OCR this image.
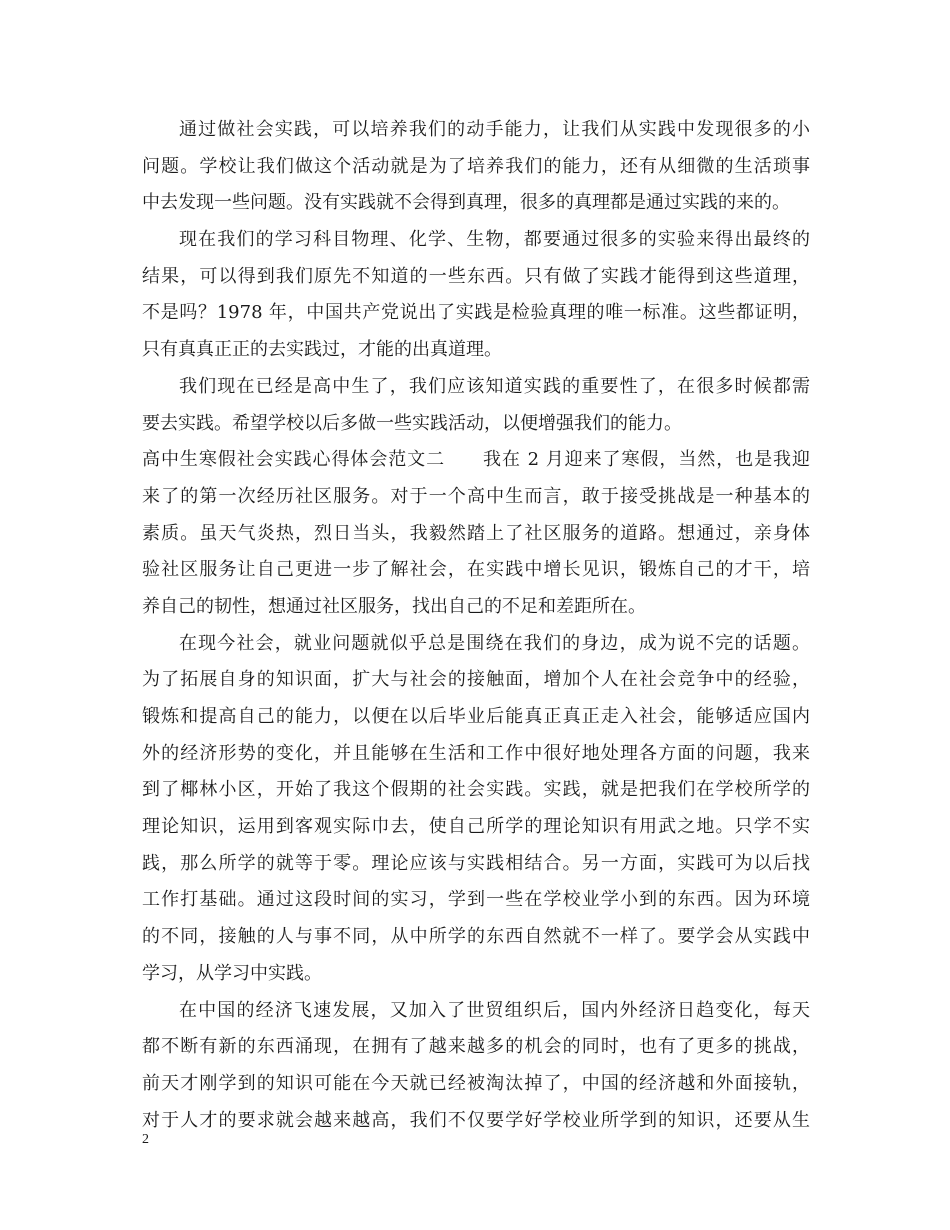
通过做社会实践，可以培养我们的动手能力，让我们从实践中发现很多的小
问题。学校让我们做这个活动就是为了培养我们的能力，还有从细微的生活琐事
中去发现一些问题。没有实践就不会得到真理，很多的真理都是通过实践的来的。
现在我们的学习科目物理、化学、生物，都要通过很多的实验来得出最终的
结果，可以得到我们原先不知道的一些东西。只有做了实践才能得到这些道理，
不是吗？1978 年，中国共产党说出了实践是检验真理的唯一标准。这些都证明，
只有真真正正的去实践过，才能的出真道理。
我们现在已经是高中生了，我们应该知道实践的重要性了，在很多时候都需
要去实践。希望学校以后多做一些实践活动，以便增强我们的能力。
高中生寒假社会实践心得体会范文二　　我在 2 月迎来了寒假，当然，也是我迎
来了的第一次经历社区服务。对于一个高中生而言，敢于接受挑战是一种基本的
素质。虽天气炎热，烈日当头，我毅然踏上了社区服务的道路。想通过，亲身体
验社区服务让自己更进一步了解社会，在实践中增长见识，锻炼自己的才干，培
养自己的韧性，想通过社区服务，找出自己的不足和差距所在。
在现今社会，就业问题就似乎总是围绕在我们的身边，成为说不完的话题。
为了拓展自身的知识面，扩大与社会的接触面，增加个人在社会竞争中的经验，
锻炼和提高自己的能力，以便在以后毕业后能真正真正走入社会，能够适应国内
外的经济形势的变化，并且能够在生活和工作中很好地处理各方面的问题，我来
到了椰林小区，开始了我这个假期的社会实践。实践，就是把我们在学校所学的
理论知识，运用到客观实际巾去，使自己所学的理论知识有用武之地。只学不实
践，那么所学的就等于零。理论应该与实践相结合。另一方面，实践可为以后找
工作打基础。通过这段时间的实习，学到一些在学校业学小到的东西。因为环境
的不同，接触的人与事不同，从中所学的东西自然就不一样了。要学会从实践中
学习，从学习中实践。
在中国的经济飞速发展，又加入了世贸组织后，国内外经济日趋变化，每天
都不断有新的东西涌现，在拥有了越来越多的机会的同时，也有了更多的挑战，
前天才刚学到的知识可能在今天就已经被淘汰掉了，中国的经济越和外面接轨，
对于人才的要求就会越来越高，我们不仅要学好学校业所学到的知识，还要从生
2
